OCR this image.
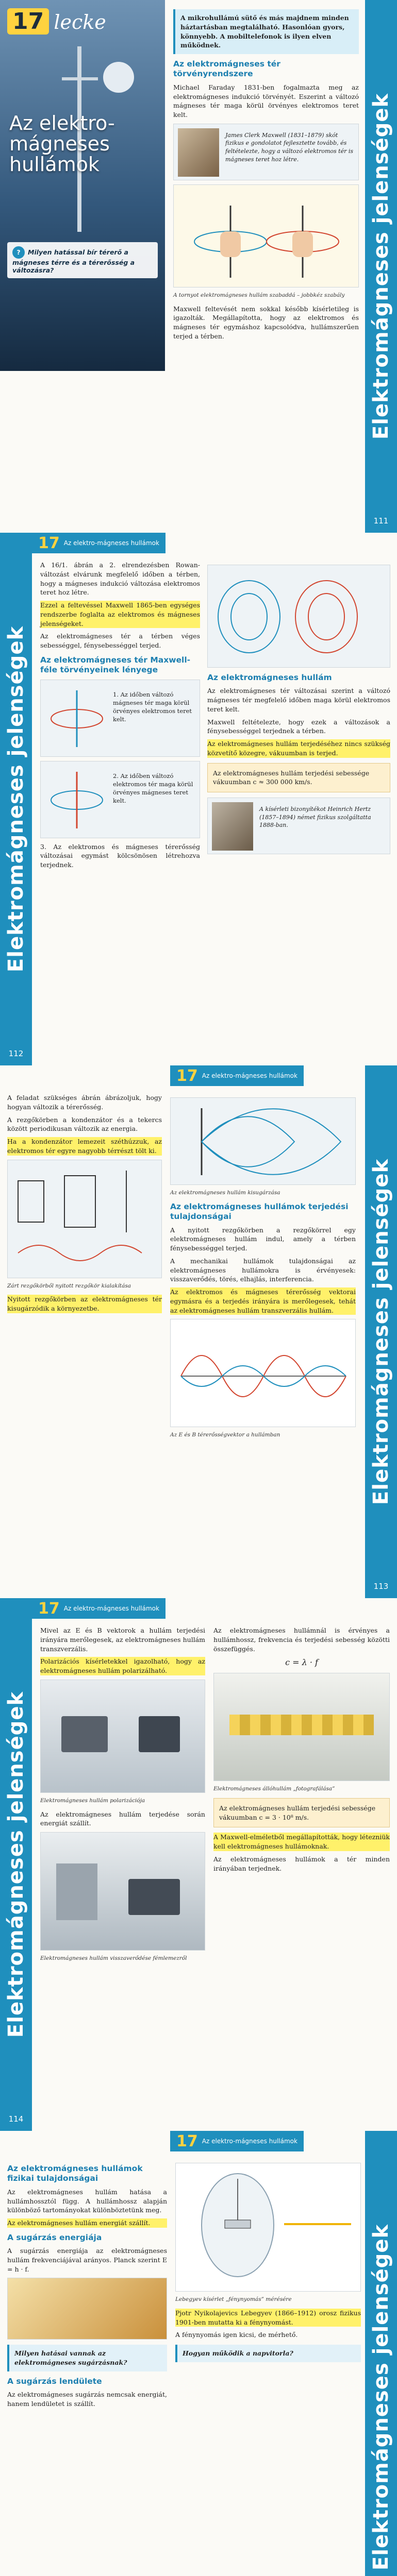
17 lecke
Az elektro-mágneses hullámok
? Milyen hatással bír térerő a mágneses térre és a térerősség a változásra?
A mikrohullámú sütő és más majdnem minden háztartásban megtalálható. Hasonlóan gyors, könnyebb. A mobiltelefonok is ilyen elven működnek.
Az elektromágneses tér törvényrendszere

Michael Faraday 1831-ben fogalmazta meg az elektromágneses indukció törvényét. Eszerint a változó mágneses tér maga körül örvényes elektromos teret kelt.

James Clerk Maxwell (1831–1879) skót fizikus e gondolatot fejlesztette tovább, és feltételezte, hogy a változó elektromos tér is mágneses teret hoz létre.
A tornyot elektromágneses hullám szabaddá – jobbkéz szabály

Maxwell feltevését nem sokkal később kísérletileg is igazolták. Megállapította, hogy az elektromos és mágneses tér egymáshoz kapcsolódva, hullámszerűen terjed a térben.	Elektromágneses jelenségek
111
Elektromágneses jelenségek
112
17 Az elektro-mágneses hullámok

A 16/1. ábrán a 2. elrendezésben Rowan-változást elvárunk megfelelő időben a térben, hogy a mágneses indukció változása elektromos teret hoz létre.

Ezzel a feltevéssel Maxwell 1865-ben egységes rendszerbe foglalta az elektromos és mágneses jelenségeket.

Az elektromágneses tér a térben véges sebességgel, fénysebességgel terjed.

Az elektromágneses tér Maxwell-féle törvényeinek lényege
1. Az időben változó mágneses tér maga körül örvényes elektromos teret kelt.
2. Az időben változó elektromos tér maga körül örvényes mágneses teret kelt.

3. Az elektromos és mágneses térerősség változásai egymást kölcsönösen létrehozva terjednek.

Az elektromágneses hullám

Az elektromágneses tér változásai szerint a változó mágneses tér megfelelő időben maga körül elektromos teret kelt.

Maxwell feltételezte, hogy ezek a változások a fénysebességgel terjednek a térben.

Az elektromágneses hullám terjedéséhez nincs szükség közvetítő közegre, vákuumban is terjed.

Az elektromágneses hullám terjedési sebessége vákuumban c ≈ 300 000 km/s.
A kísérleti bizonyítékot Heinrich Hertz (1857–1894) német fizikus szolgáltatta 1888-ban.
17 Az elektro-mágneses hullámok

A feladat szükséges ábrán ábrázoljuk, hogy hogyan változik a térerősség.

A rezgőkörben a kondenzátor és a tekercs között periodikusan változik az energia.

Ha a kondenzátor lemezeit széthúzzuk, az elektromos tér egyre nagyobb térrészt tölt ki.

Zárt rezgőkörből nyitott rezgőkör kialakítása

Nyitott rezgőkörben az elektromágneses tér kisugárzódik a környezetbe.

Az elektromágneses hullám kisugárzása
Az elektromágneses hullámok terjedési tulajdonságai

A nyitott rezgőkörben a rezgőkörrel egy elektromágneses hullám indul, amely a térben fénysebességgel terjed.

A mechanikai hullámok tulajdonságai az elektromágneses hullámokra is érvényesek: visszaverődés, törés, elhajlás, interferencia.

Az elektromos és mágneses térerősség vektorai egymásra és a terjedés irányára is merőlegesek, tehát az elektromágneses hullám transzverzális hullám.

Az E és B térerősségvektor a hullámban	Elektromágneses jelenségek
113
Elektromágneses jelenségek
114
17 Az elektro-mágneses hullámok

Mivel az E és B vektorok a hullám terjedési irányára merőlegesek, az elektromágneses hullám transzverzális.

Polarizációs kísérletekkel igazolható, hogy az elektromágneses hullám polarizálható.

Elektromágneses hullám polarizációja

Az elektromágneses hullám terjedése során energiát szállít.

Elektromágneses hullám visszaverődése fémlemezről

Az elektromágneses hullámnál is érvényes a hullámhossz, frekvencia és terjedési sebesség közötti összefüggés.

c = λ · f

Elektromágneses állóhullám „fotografálása”
Az elektromágneses hullám terjedési sebessége vákuumban c = 3 · 10⁸ m/s.

A Maxwell-elméletből megállapították, hogy létezniük kell elektromágneses hullámoknak.

Az elektromágneses hullámok a tér minden irányában terjednek.

17 Az elektro-mágneses hullámok
Az elektromágneses hullámok fizikai tulajdonságai

Az elektromágneses hullám hatása a hullámhossztól függ. A hullámhossz alapján különböző tartományokat különböztetünk meg.

Az elektromágneses hullám energiát szállít.

A sugárzás energiája

A sugárzás energiája az elektromágneses hullám frekvenciájával arányos. Planck szerint E = h · f.

Milyen hatásai vannak az elektromágneses sugárzásnak?
A sugárzás lendülete

Az elektromágneses sugárzás nemcsak energiát, hanem lendületet is szállít.

Lebegyev kísérlet „fénynyomás” mérésére

Pjotr Nyikolajevics Lebegyev (1866–1912) orosz fizikus 1901-ben mutatta ki a fénynyomást.

A fénynyomás igen kicsi, de mérhető.

Hogyan működik a napvitorla?	Elektromágneses jelenségek
